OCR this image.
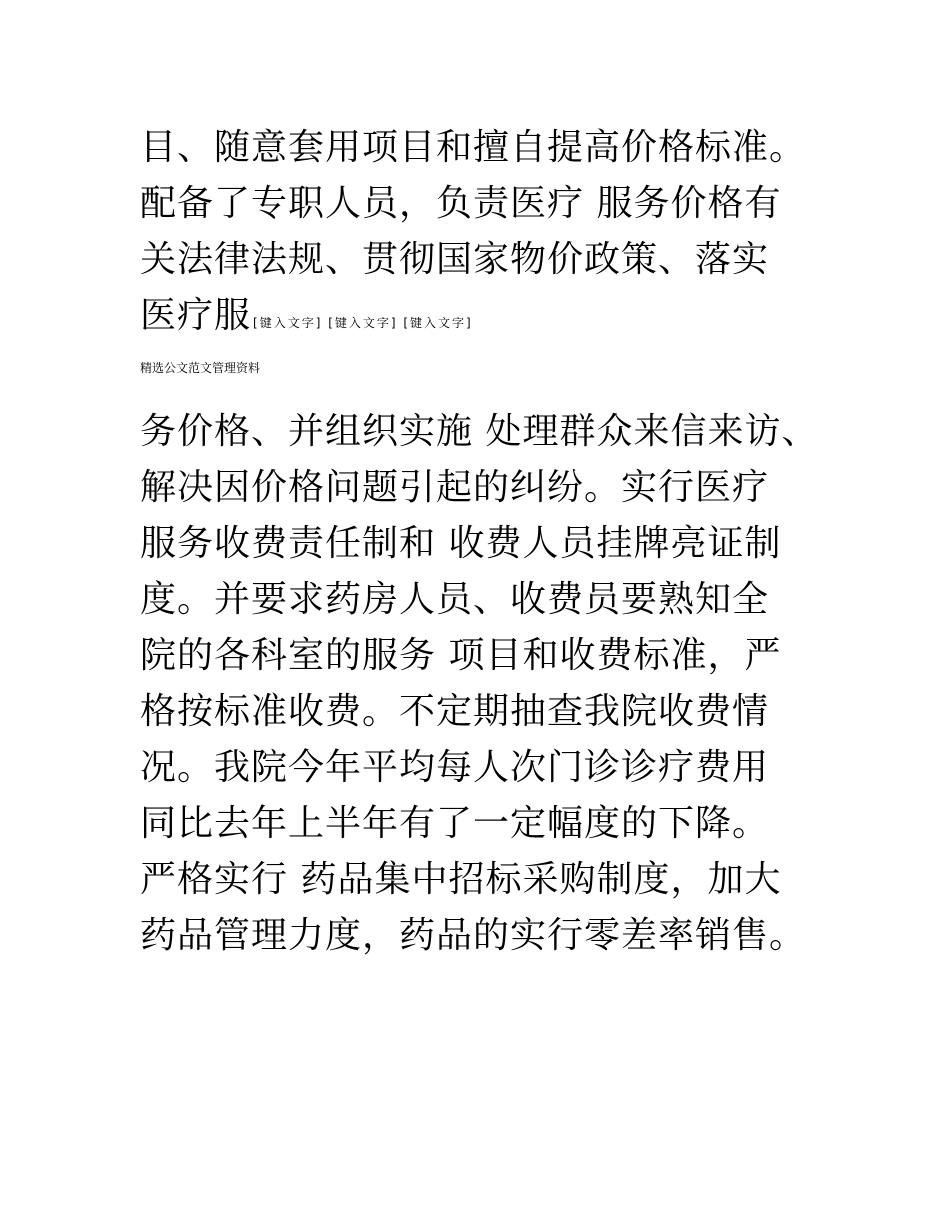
目、随意套用项目和擅自提高价格标准。
配备了专职人员，负责医疗 服务价格有
关法律法规、贯彻国家物价政策、落实
医疗服 [键入文字] [键入文字] [键入文字]
精选公文范文管理资料
务价格、并组织实施 处理群众来信来访、
解决因价格问题引起的纠纷。实行医疗
服务收费责任制和 收费人员挂牌亮证制
度。并要求药房人员、收费员要熟知全
院的各科室的服务 项目和收费标准，严
格按标准收费。不定期抽查我院收费情
况。我院今年平均每人次门诊诊疗费用
同比去年上半年有了一定幅度的下降。
严格实行 药品集中招标采购制度，加大
药品管理力度，药品的实行零差率销售。
